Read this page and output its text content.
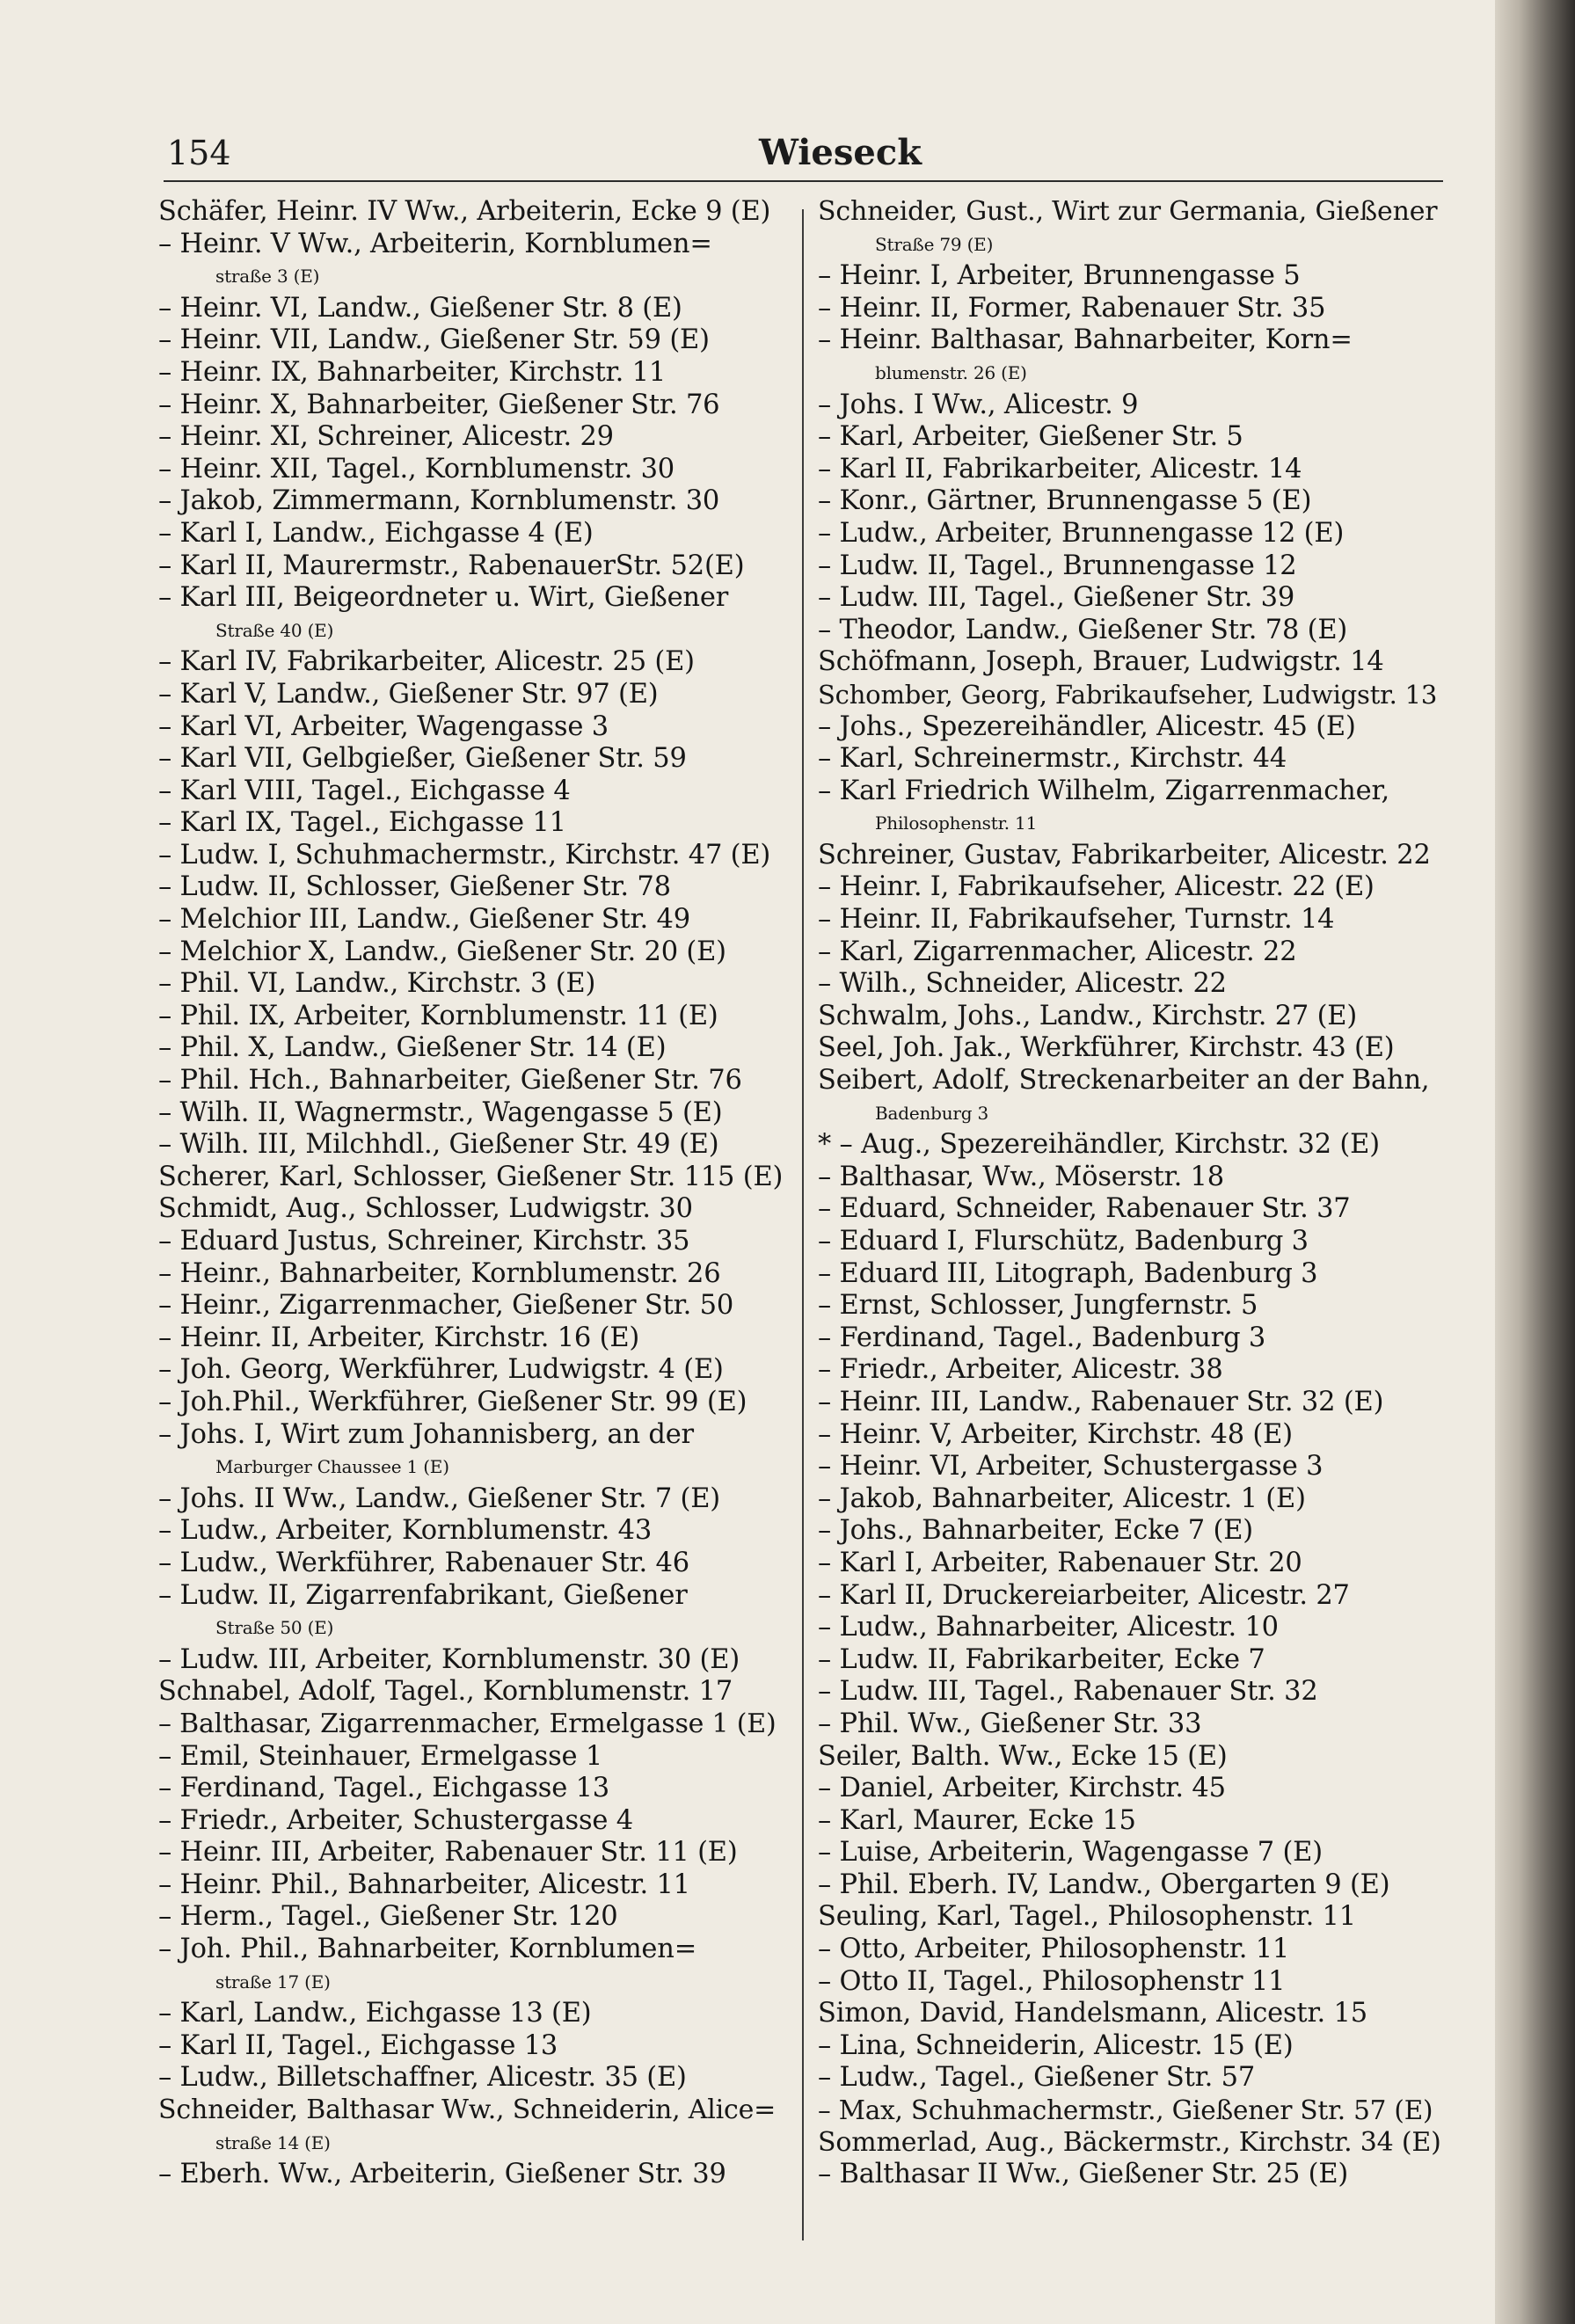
154	Wieseck
Schäfer, Heinr. IV Ww., Arbeiterin, Ecke 9 (E)
– Heinr. V Ww., Arbeiterin, Kornblumen=
straße 3 (E)
– Heinr. VI, Landw., Gießener Str. 8 (E)
– Heinr. VII, Landw., Gießener Str. 59 (E)
– Heinr. IX, Bahnarbeiter, Kirchstr. 11
– Heinr. X, Bahnarbeiter, Gießener Str. 76
– Heinr. XI, Schreiner, Alicestr. 29
– Heinr. XII, Tagel., Kornblumenstr. 30
– Jakob, Zimmermann, Kornblumenstr. 30
– Karl I, Landw., Eichgasse 4 (E)
– Karl II, Maurermstr., RabenauerStr. 52(E)
– Karl III, Beigeordneter u. Wirt, Gießener
Straße 40 (E)
– Karl IV, Fabrikarbeiter, Alicestr. 25 (E)
– Karl V, Landw., Gießener Str. 97 (E)
– Karl VI, Arbeiter, Wagengasse 3
– Karl VII, Gelbgießer, Gießener Str. 59
– Karl VIII, Tagel., Eichgasse 4
– Karl IX, Tagel., Eichgasse 11
– Ludw. I, Schuhmachermstr., Kirchstr. 47 (E)
– Ludw. II, Schlosser, Gießener Str. 78
– Melchior III, Landw., Gießener Str. 49
– Melchior X, Landw., Gießener Str. 20 (E)
– Phil. VI, Landw., Kirchstr. 3 (E)
– Phil. IX, Arbeiter, Kornblumenstr. 11 (E)
– Phil. X, Landw., Gießener Str. 14 (E)
– Phil. Hch., Bahnarbeiter, Gießener Str. 76
– Wilh. II, Wagnermstr., Wagengasse 5 (E)
– Wilh. III, Milchhdl., Gießener Str. 49 (E)
Scherer, Karl, Schlosser, Gießener Str. 115 (E)
Schmidt, Aug., Schlosser, Ludwigstr. 30
– Eduard Justus, Schreiner, Kirchstr. 35
– Heinr., Bahnarbeiter, Kornblumenstr. 26
– Heinr., Zigarrenmacher, Gießener Str. 50
– Heinr. II, Arbeiter, Kirchstr. 16 (E)
– Joh. Georg, Werkführer, Ludwigstr. 4 (E)
– Joh.Phil., Werkführer, Gießener Str. 99 (E)
– Johs. I, Wirt zum Johannisberg, an der
Marburger Chaussee 1 (E)
– Johs. II Ww., Landw., Gießener Str. 7 (E)
– Ludw., Arbeiter, Kornblumenstr. 43
– Ludw., Werkführer, Rabenauer Str. 46
– Ludw. II, Zigarrenfabrikant, Gießener
Straße 50 (E)
– Ludw. III, Arbeiter, Kornblumenstr. 30 (E)
Schnabel, Adolf, Tagel., Kornblumenstr. 17
– Balthasar, Zigarrenmacher, Ermelgasse 1 (E)
– Emil, Steinhauer, Ermelgasse 1
– Ferdinand, Tagel., Eichgasse 13
– Friedr., Arbeiter, Schustergasse 4
– Heinr. III, Arbeiter, Rabenauer Str. 11 (E)
– Heinr. Phil., Bahnarbeiter, Alicestr. 11
– Herm., Tagel., Gießener Str. 120
– Joh. Phil., Bahnarbeiter, Kornblumen=
straße 17 (E)
– Karl, Landw., Eichgasse 13 (E)
– Karl II, Tagel., Eichgasse 13
– Ludw., Billetschaffner, Alicestr. 35 (E)
Schneider, Balthasar Ww., Schneiderin, Alice=
straße 14 (E)
– Eberh. Ww., Arbeiterin, Gießener Str. 39
Schneider, Gust., Wirt zur Germania, Gießener
Straße 79 (E)
– Heinr. I, Arbeiter, Brunnengasse 5
– Heinr. II, Former, Rabenauer Str. 35
– Heinr. Balthasar, Bahnarbeiter, Korn=
blumenstr. 26 (E)
– Johs. I Ww., Alicestr. 9
– Karl, Arbeiter, Gießener Str. 5
– Karl II, Fabrikarbeiter, Alicestr. 14
– Konr., Gärtner, Brunnengasse 5 (E)
– Ludw., Arbeiter, Brunnengasse 12 (E)
– Ludw. II, Tagel., Brunnengasse 12
– Ludw. III, Tagel., Gießener Str. 39
– Theodor, Landw., Gießener Str. 78 (E)
Schöfmann, Joseph, Brauer, Ludwigstr. 14
Schomber, Georg, Fabrikaufseher, Ludwigstr. 13
– Johs., Spezereihändler, Alicestr. 45 (E)
– Karl, Schreinermstr., Kirchstr. 44
– Karl Friedrich Wilhelm, Zigarrenmacher,
Philosophenstr. 11
Schreiner, Gustav, Fabrikarbeiter, Alicestr. 22
– Heinr. I, Fabrikaufseher, Alicestr. 22 (E)
– Heinr. II, Fabrikaufseher, Turnstr. 14
– Karl, Zigarrenmacher, Alicestr. 22
– Wilh., Schneider, Alicestr. 22
Schwalm, Johs., Landw., Kirchstr. 27 (E)
Seel, Joh. Jak., Werkführer, Kirchstr. 43 (E)
Seibert, Adolf, Streckenarbeiter an der Bahn,
Badenburg 3
* – Aug., Spezereihändler, Kirchstr. 32 (E)
– Balthasar, Ww., Möserstr. 18
– Eduard, Schneider, Rabenauer Str. 37
– Eduard I, Flurschütz, Badenburg 3
– Eduard III, Litograph, Badenburg 3
– Ernst, Schlosser, Jungfernstr. 5
– Ferdinand, Tagel., Badenburg 3
– Friedr., Arbeiter, Alicestr. 38
– Heinr. III, Landw., Rabenauer Str. 32 (E)
– Heinr. V, Arbeiter, Kirchstr. 48 (E)
– Heinr. VI, Arbeiter, Schustergasse 3
– Jakob, Bahnarbeiter, Alicestr. 1 (E)
– Johs., Bahnarbeiter, Ecke 7 (E)
– Karl I, Arbeiter, Rabenauer Str. 20
– Karl II, Druckereiarbeiter, Alicestr. 27
– Ludw., Bahnarbeiter, Alicestr. 10
– Ludw. II, Fabrikarbeiter, Ecke 7
– Ludw. III, Tagel., Rabenauer Str. 32
– Phil. Ww., Gießener Str. 33
Seiler, Balth. Ww., Ecke 15 (E)
– Daniel, Arbeiter, Kirchstr. 45
– Karl, Maurer, Ecke 15
– Luise, Arbeiterin, Wagengasse 7 (E)
– Phil. Eberh. IV, Landw., Obergarten 9 (E)
Seuling, Karl, Tagel., Philosophenstr. 11
– Otto, Arbeiter, Philosophenstr. 11
– Otto II, Tagel., Philosophenstr 11
Simon, David, Handelsmann, Alicestr. 15
– Lina, Schneiderin, Alicestr. 15 (E)
– Ludw., Tagel., Gießener Str. 57
– Max, Schuhmachermstr., Gießener Str. 57 (E)
Sommerlad, Aug., Bäckermstr., Kirchstr. 34 (E)
– Balthasar II Ww., Gießener Str. 25 (E)
